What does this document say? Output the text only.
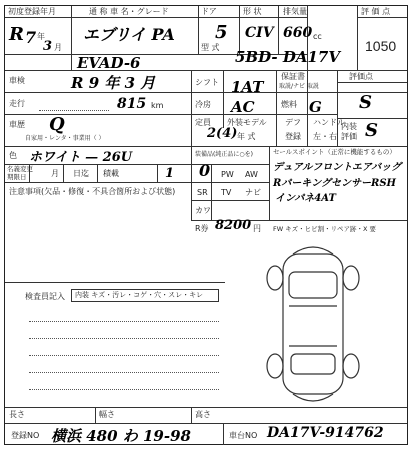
初度登録年月	通 称 車 名・グレード	ドア	形 状	排気量	評 価 点
R 7 年
3 月
エブリイ PA
EVAD-6
5 CIV 660 cc
型 式
5BD- DA17V
1050
車検	R 9 年 3 月	シフト 1AT
保証書
取説/ナビ 取説
評価点
S
走行	815 km	冷房 AC	燃料 G
車歴 Q
自家用・レンタ・事業用（ ）
定員
2(4)
外装モデル
年 式
デフ
登録
ハンドル
左・右
内装
評価 S
装備品(純正品に○を)
0 PW AW
SR TV ナビ
カワ
セールスポイント（正常に機能するもの）
デュアルフロントエアバッグ
RパーキングセンサーRSH
インパネ4AT
R券 8200 円 FW キズ・ヒビ割・リペア跡・X 要
色 ホワイト — 26U
名義変更
期限日	月 日迄 積載	1
注意事項(欠品・修復・不具合箇所および状態)
検査員記入 内装 キズ・汚レ・コゲ・穴・スレ・キレ
長さ	幅さ	高さ
登録NO 横浜 480 わ 19-98	車台NO DA17V-914762
